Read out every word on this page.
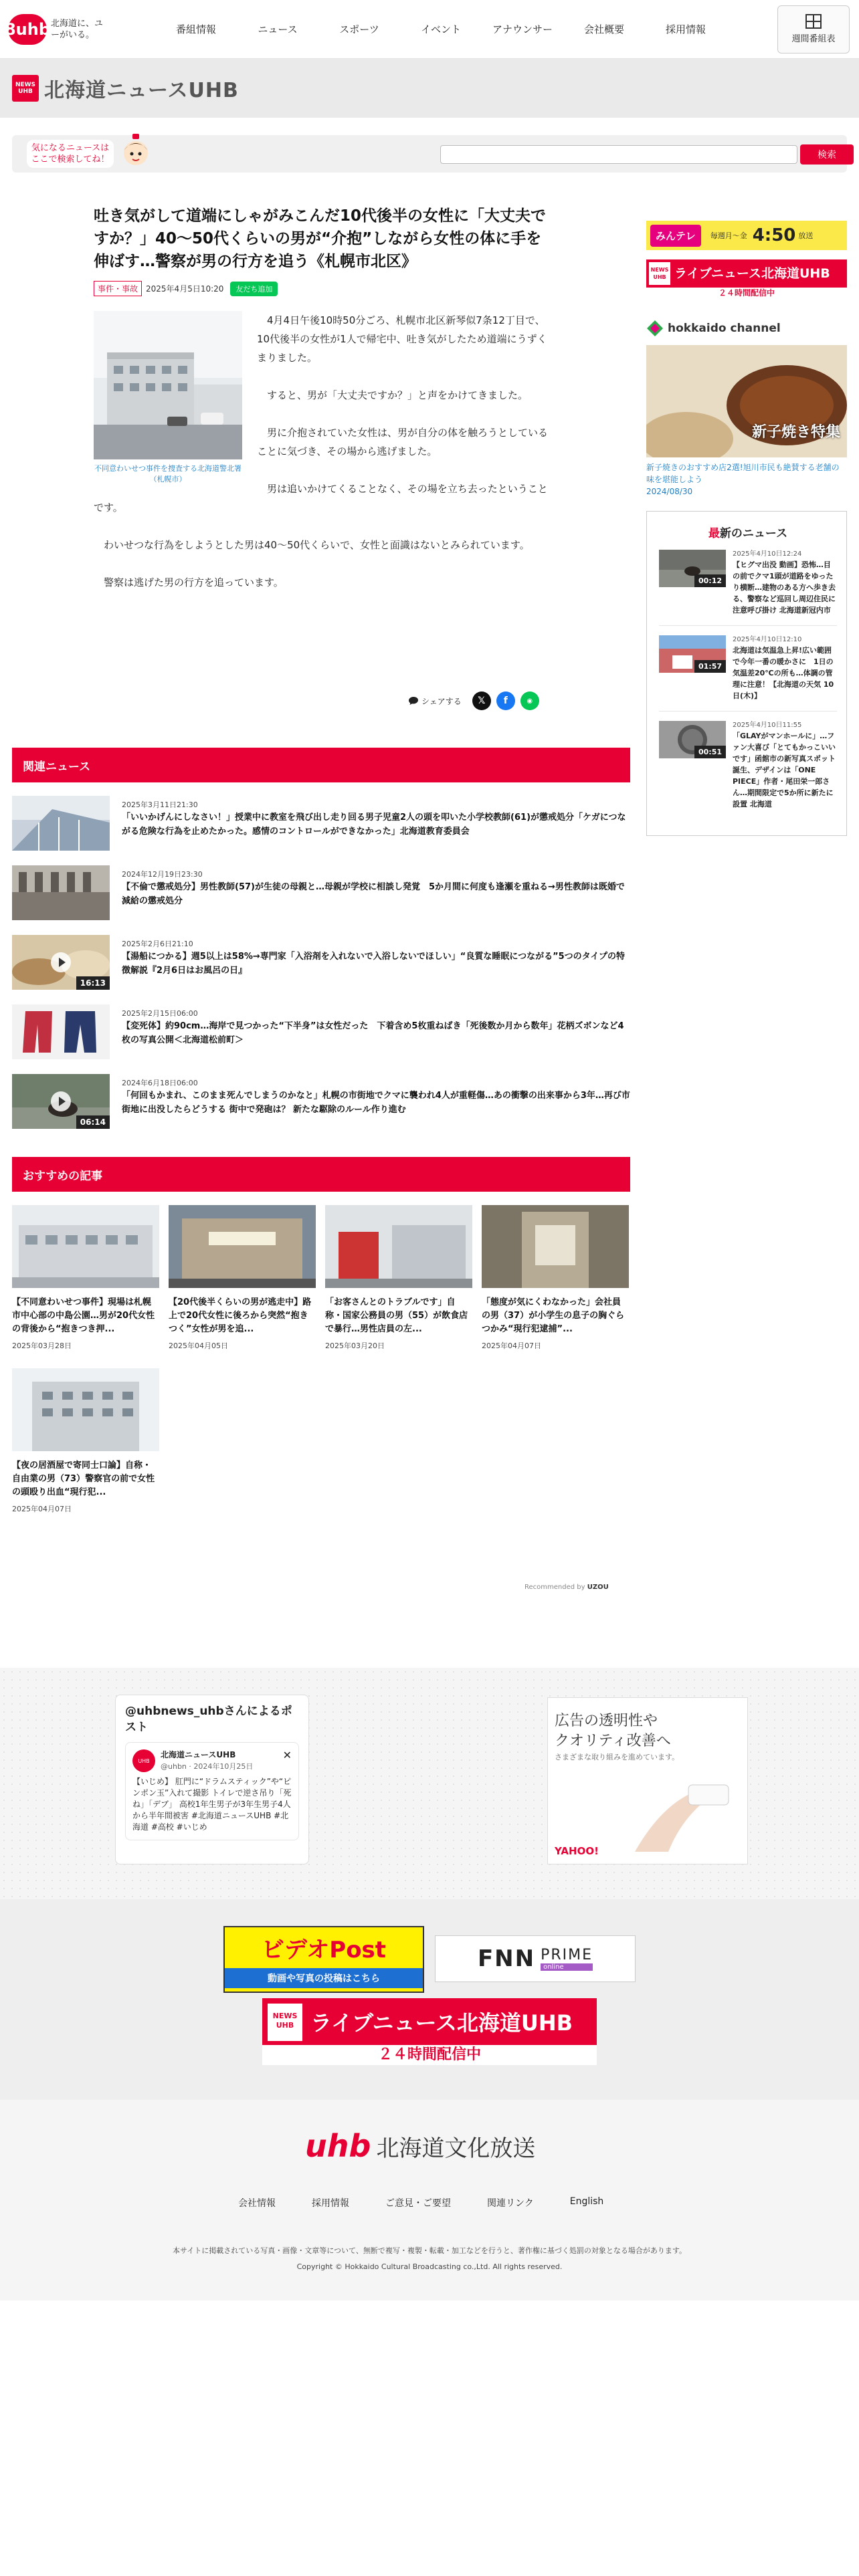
8uhb 北海道に、ユーがいる。	番組情報	ニュース	スポーツ	イベント	アナウンサー	会社概要	採用情報
週間番組表
NEWS UHB 北海道ニュースUHB
気になるニュースはここで検索してね！	検索
吐き気がして道端にしゃがみこんだ10代後半の女性に「大丈夫ですか？」40～50代くらいの男が“介抱”しながら女性の体に手を伸ばす…警察が男の行方を追う《札幌市北区》
事件・事故	2025年4月5日10:20	友だち追加
不同意わいせつ事件を捜査する北海道警北署（札幌市）

4月4日午後10時50分ごろ、札幌市北区新琴似7条12丁目で、10代後半の女性が1人で帰宅中、吐き気がしたため道端にうずくまりました。

すると、男が「大丈夫ですか？」と声をかけてきました。

男に介抱されていた女性は、男が自分の体を触ろうとしていることに気づき、その場から逃げました。

男は追いかけてくることなく、その場を立ち去ったということです。

わいせつな行為をしようとした男は40～50代くらいで、女性と面識はないとみられています。

警察は逃げた男の行方を追っています。

シェアする	𝕏	f	◉
関連ニュース
2025年3月11日21:30
「いいかげんにしなさい！」授業中に教室を飛び出し走り回る男子児童2人の頭を叩いた小学校教師(61)が懲戒処分「ケガにつながる危険な行為を止めたかった。感情のコントロールができなかった」北海道教育委員会
2024年12月19日23:30
【不倫で懲戒処分】男性教師(57)が生徒の母親と…母親が学校に相談し発覚　5か月間に何度も逢瀬を重ねる→男性教師は既婚で減給の懲戒処分
16:13
2025年2月6日21:10
【湯船につかる】週5以上は58%→専門家「入浴剤を入れないで入浴しないでほしい」“良質な睡眠につながる”5つのタイプの特徴解説『2月6日はお風呂の日』
2025年2月15日06:00
【変死体】約90cm…海岸で見つかった“下半身”は女性だった　下着含め5枚重ねばき「死後数か月から数年」花柄ズボンなど4枚の写真公開＜北海道松前町＞
06:14
2024年6月18日06:00
「何回もかまれ、このまま死んでしまうのかなと」札幌の市街地でクマに襲われ4人が重軽傷…あの衝撃の出来事から3年…再び市街地に出没したらどうする 街中で発砲は？ 新たな駆除のルール作り進む
おすすめの記事
【不同意わいせつ事件】現場は札幌市中心部の中島公園…男が20代女性の背後から“抱きつき押...
2025年03月28日
【20代後半くらいの男が逃走中】路上で20代女性に後ろから突然“抱きつく”女性が男を追...
2025年04月05日
「お客さんとのトラブルです」自称・国家公務員の男（55）が飲食店で暴行…男性店員の左...
2025年03月20日
「態度が気にくわなかった」会社員の男（37）が小学生の息子の胸ぐらつかみ“現行犯逮捕”...
2025年04月07日
【夜の居酒屋で寄同士口論】自称・自由業の男（73）警察官の前で女性の頭殴り出血“現行犯...
2025年04月07日
Recommended by UZOU
みんテレ	毎週月～金 4:50 放送
NEWS UHB ライブニュース北海道UHB
２４時間配信中
hokkaido channel
新子焼き特集
新子焼きのおすすめ店2選!旭川市民も絶賛する老舗の味を堪能しよう
2024/08/30
最新のニュース
00:12
2025年4月10日12:24
【ヒグマ出没 動画】恐怖…目の前でクマ1頭が道路をゆったり横断…建物のある方へ歩き去る、警察など巡回し周辺住民に注意呼び掛け 北海道新冠内市
01:57
2025年4月10日12:10
北海道は気温急上昇!広い範囲で今年一番の暖かさに　1日の気温差20℃の所も…体調の管理に注意！【北海道の天気 10日(木)】
00:51
2025年4月10日11:55
「GLAYがマンホールに」…ファン大喜び「とてもかっこいいです」函館市の新写真スポット誕生、デザインは「ONE PIECE」作者・尾田栄一郎さん…期間限定で5か所に新たに設置 北海道
@uhbnews_uhbさんによるポスト
UHB
北海道ニュースUHB
@uhbn · 2024年10月25日
✕
【いじめ】 肛門に“ドラムスティック”や“ピンポン玉”入れて撮影 トイレで逆さ吊り「死ね」「デブ」 高校1年生男子が3年生男子4人から半年間被害 #北海道ニュースUHB #北海道 #高校 #いじめ
広告の透明性や
クオリティ改善へ
さまざまな取り組みを進めています。
YAHOO!
ビデオPost
動画や写真の投稿はこちら
FNN PRIME
online
NEWS
UHB ライブニュース北海道UHB
２４時間配信中
uhb 北海道文化放送
会社情報	採用情報	ご意見・ご要望	関連リンク	English
本サイトに掲載されている写真・画像・文章等について、無断で複写・複製・転載・加工などを行うと、著作権に基づく処罰の対象となる場合があります。
Copyright © Hokkaido Cultural Broadcasting co.,Ltd. All rights reserved.
